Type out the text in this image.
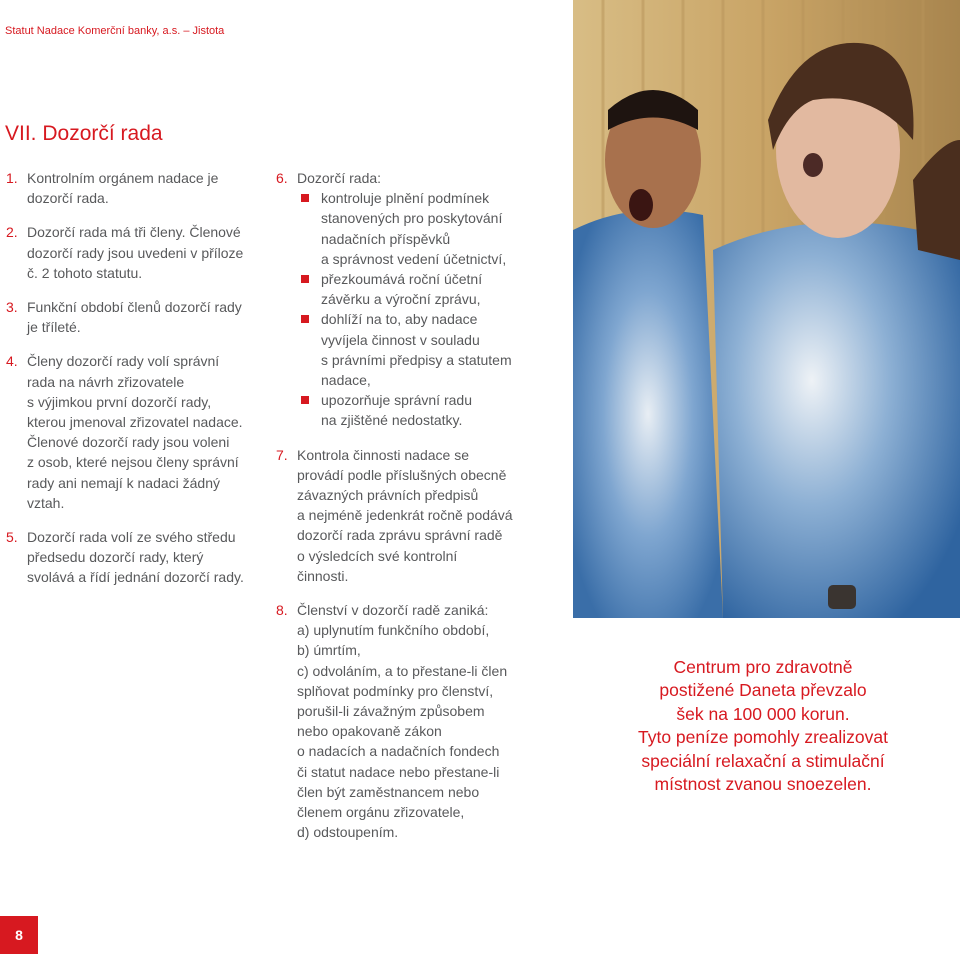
Statut Nadace Komerční banky, a.s. – Jistota
VII. Dozorčí rada
1. Kontrolním orgánem nadace je
dozorčí rada.
2. Dozorčí rada má tři členy. Členové
dozorčí rady jsou uvedeni v příloze
č. 2 tohoto statutu.
3. Funkční období členů dozorčí rady
je tříleté.
4. Členy dozorčí rady volí správní
rada na návrh zřizovatele
s výjimkou první dozorčí rady,
kterou jmenoval zřizovatel nadace.
Členové dozorčí rady jsou voleni
z osob, které nejsou členy správní
rady ani nemají k nadaci žádný
vztah.
5. Dozorčí rada volí ze svého středu
předsedu dozorčí rady, který
svolává a řídí jednání dozorčí rady.
6. Dozorčí rada:
kontroluje plnění podmínek
stanovených pro poskytování
nadačních příspěvků
a správnost vedení účetnictví,
přezkoumává roční účetní
závěrku a výroční zprávu,
dohlíží na to, aby nadace
vyvíjela činnost v souladu
s právními předpisy a statutem
nadace,
upozorňuje správní radu
na zjištěné nedostatky.
7. Kontrola činnosti nadace se
provádí podle příslušných obecně
závazných právních předpisů
a nejméně jedenkrát ročně podává
dozorčí rada zprávu správní radě
o výsledcích své kontrolní
činnosti.
8. Členství v dozorčí radě zaniká:
a) uplynutím funkčního období,
b) úmrtím,
c) odvoláním, a to přestane-li člen
splňovat podmínky pro členství,
porušil-li závažným způsobem
nebo opakovaně zákon
o nadacích a nadačních fondech
či statut nadace nebo přestane-li
člen být zaměstnancem nebo
členem orgánu zřizovatele,
d) odstoupením.
Centrum pro zdravotně
postižené Daneta převzalo
šek na 100 000 korun.
Tyto peníze pomohly zrealizovat
speciální relaxační a stimulační
místnost zvanou snoezelen.
8
